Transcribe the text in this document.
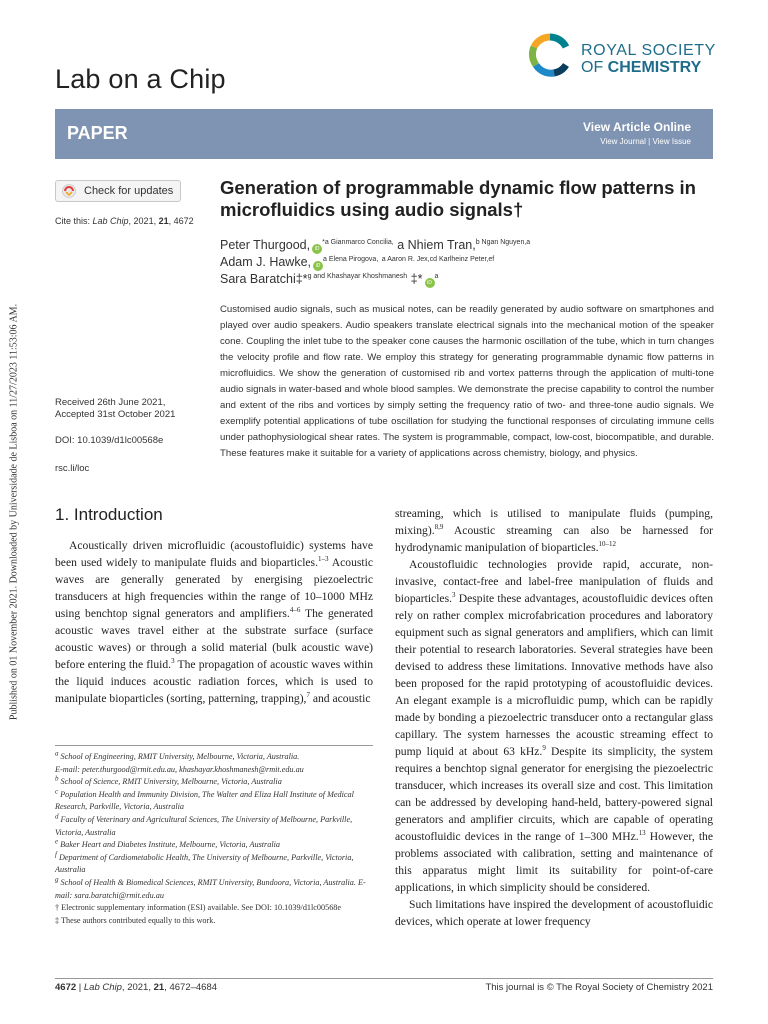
Published on 01 November 2021. Downloaded by Universidade de Lisboa on 11/27/2023 11:53:06 AM.
Lab on a Chip
ROYAL SOCIETY
OF CHEMISTRY
PAPER	View Article Online
View Journal | View Issue
Check for updates
Cite this: Lab Chip, 2021, 21, 4672
Generation of programmable dynamic flow patterns in microfluidics using audio signals†
Peter Thurgood, $iD^{*a Gianmarco Concilia,}$ a Nhiem Tran,$^{b Ngan Nguyen,a}$
Adam J. Hawke, $iD^{a Elena Pirogova,}$ $^{a Aaron R. Jex,cd Karlheinz Peter,ef}$
Sara Baratchi‡*$^{g and Khashayar Khoshmanesh}$ ‡* $iD^a$
Customised audio signals, such as musical notes, can be readily generated by audio software on smartphones and played over audio speakers. Audio speakers translate electrical signals into the mechanical motion of the speaker cone. Coupling the inlet tube to the speaker cone causes the harmonic oscillation of the tube, which in turn changes the velocity profile and flow rate. We employ this strategy for generating programmable dynamic flow patterns in microfluidics. We show the generation of customised rib and vortex patterns through the application of multi-tone audio signals in water-based and whole blood samples. We demonstrate the precise capability to control the number and extent of the ribs and vortices by simply setting the frequency ratio of two- and three-tone audio signals. We exemplify potential applications of tube oscillation for studying the functional responses of circulating immune cells under pathophysiological shear rates. The system is programmable, compact, low-cost, biocompatible, and durable. These features make it suitable for a variety of applications across chemistry, biology, and physics.
Received 26th June 2021,
Accepted 31st October 2021
DOI: 10.1039/d1lc00568e
rsc.li/loc
1. Introduction

Acoustically driven microfluidic (acoustofluidic) systems have been used widely to manipulate fluids and bioparticles.$^{1-3}$ Acoustic waves are generally generated by energising piezoelectric transducers at high frequencies within the range of 10–1000 MHz using benchtop signal generators and amplifiers.$^{4-6}$ The generated acoustic waves travel either at the substrate surface (surface acoustic waves) or through a solid material (bulk acoustic wave) before entering the fluid.$^3$ The propagation of acoustic waves within the liquid induces acoustic radiation forces, which is used to manipulate bioparticles (sorting, patterning, trapping),$^7$ and acoustic

$^a$ School of Engineering, RMIT University, Melbourne, Victoria, Australia.
E-mail: peter.thurgood@rmit.edu.au, khashayar.khoshmanesh@rmit.edu.au
$^b$ School of Science, RMIT University, Melbourne, Victoria, Australia
$^c$ Population Health and Immunity Division, The Walter and Eliza Hall Institute of Medical Research, Parkville, Victoria, Australia
$^d$ Faculty of Veterinary and Agricultural Sciences, The University of Melbourne, Parkville, Victoria, Australia
$^e$ Baker Heart and Diabetes Institute, Melbourne, Victoria, Australia
$^f$ Department of Cardiometabolic Health, The University of Melbourne, Parkville, Victoria, Australia
$^g$ School of Health & Biomedical Sciences, RMIT University, Bundoora, Victoria, Australia. E-mail: sara.baratchi@rmit.edu.au
† Electronic supplementary information (ESI) available. See DOI: 10.1039/d1lc00568e
‡ These authors contributed equally to this work.

streaming, which is utilised to manipulate fluids (pumping, mixing).$^{8,9}$ Acoustic streaming can also be harnessed for hydrodynamic manipulation of bioparticles.$^{10-12}$

Acoustofluidic technologies provide rapid, accurate, non-invasive, contact-free and label-free manipulation of fluids and bioparticles.$^3$ Despite these advantages, acoustofluidic devices often rely on rather complex microfabrication procedures and laboratory equipment such as signal generators and amplifiers, which can limit their potential to research laboratories. Several strategies have been devised to address these limitations. Innovative methods have also been proposed for the rapid prototyping of acoustofluidic devices. An elegant example is a microfluidic pump, which can be rapidly made by bonding a piezoelectric transducer onto a rectangular glass capillary. The system harnesses the acoustic streaming effect to pump liquid at about 63 kHz.$^9$ Despite its simplicity, the system requires a benchtop signal generator for energising the piezoelectric transducer, which increases its overall size and cost. This limitation can be addressed by developing hand-held, battery-powered signal generators and amplifier circuits, which are capable of operating acoustofluidic devices in the range of 1–300 MHz.$^{13}$ However, the problems associated with calibration, setting and maintenance of this apparatus might limit its suitability for point-of-care applications, in which simplicity should be considered.

Such limitations have inspired the development of acoustofluidic devices, which operate at lower frequency

4672 | Lab Chip, 2021, 21, 4672–4684	This journal is © The Royal Society of Chemistry 2021
